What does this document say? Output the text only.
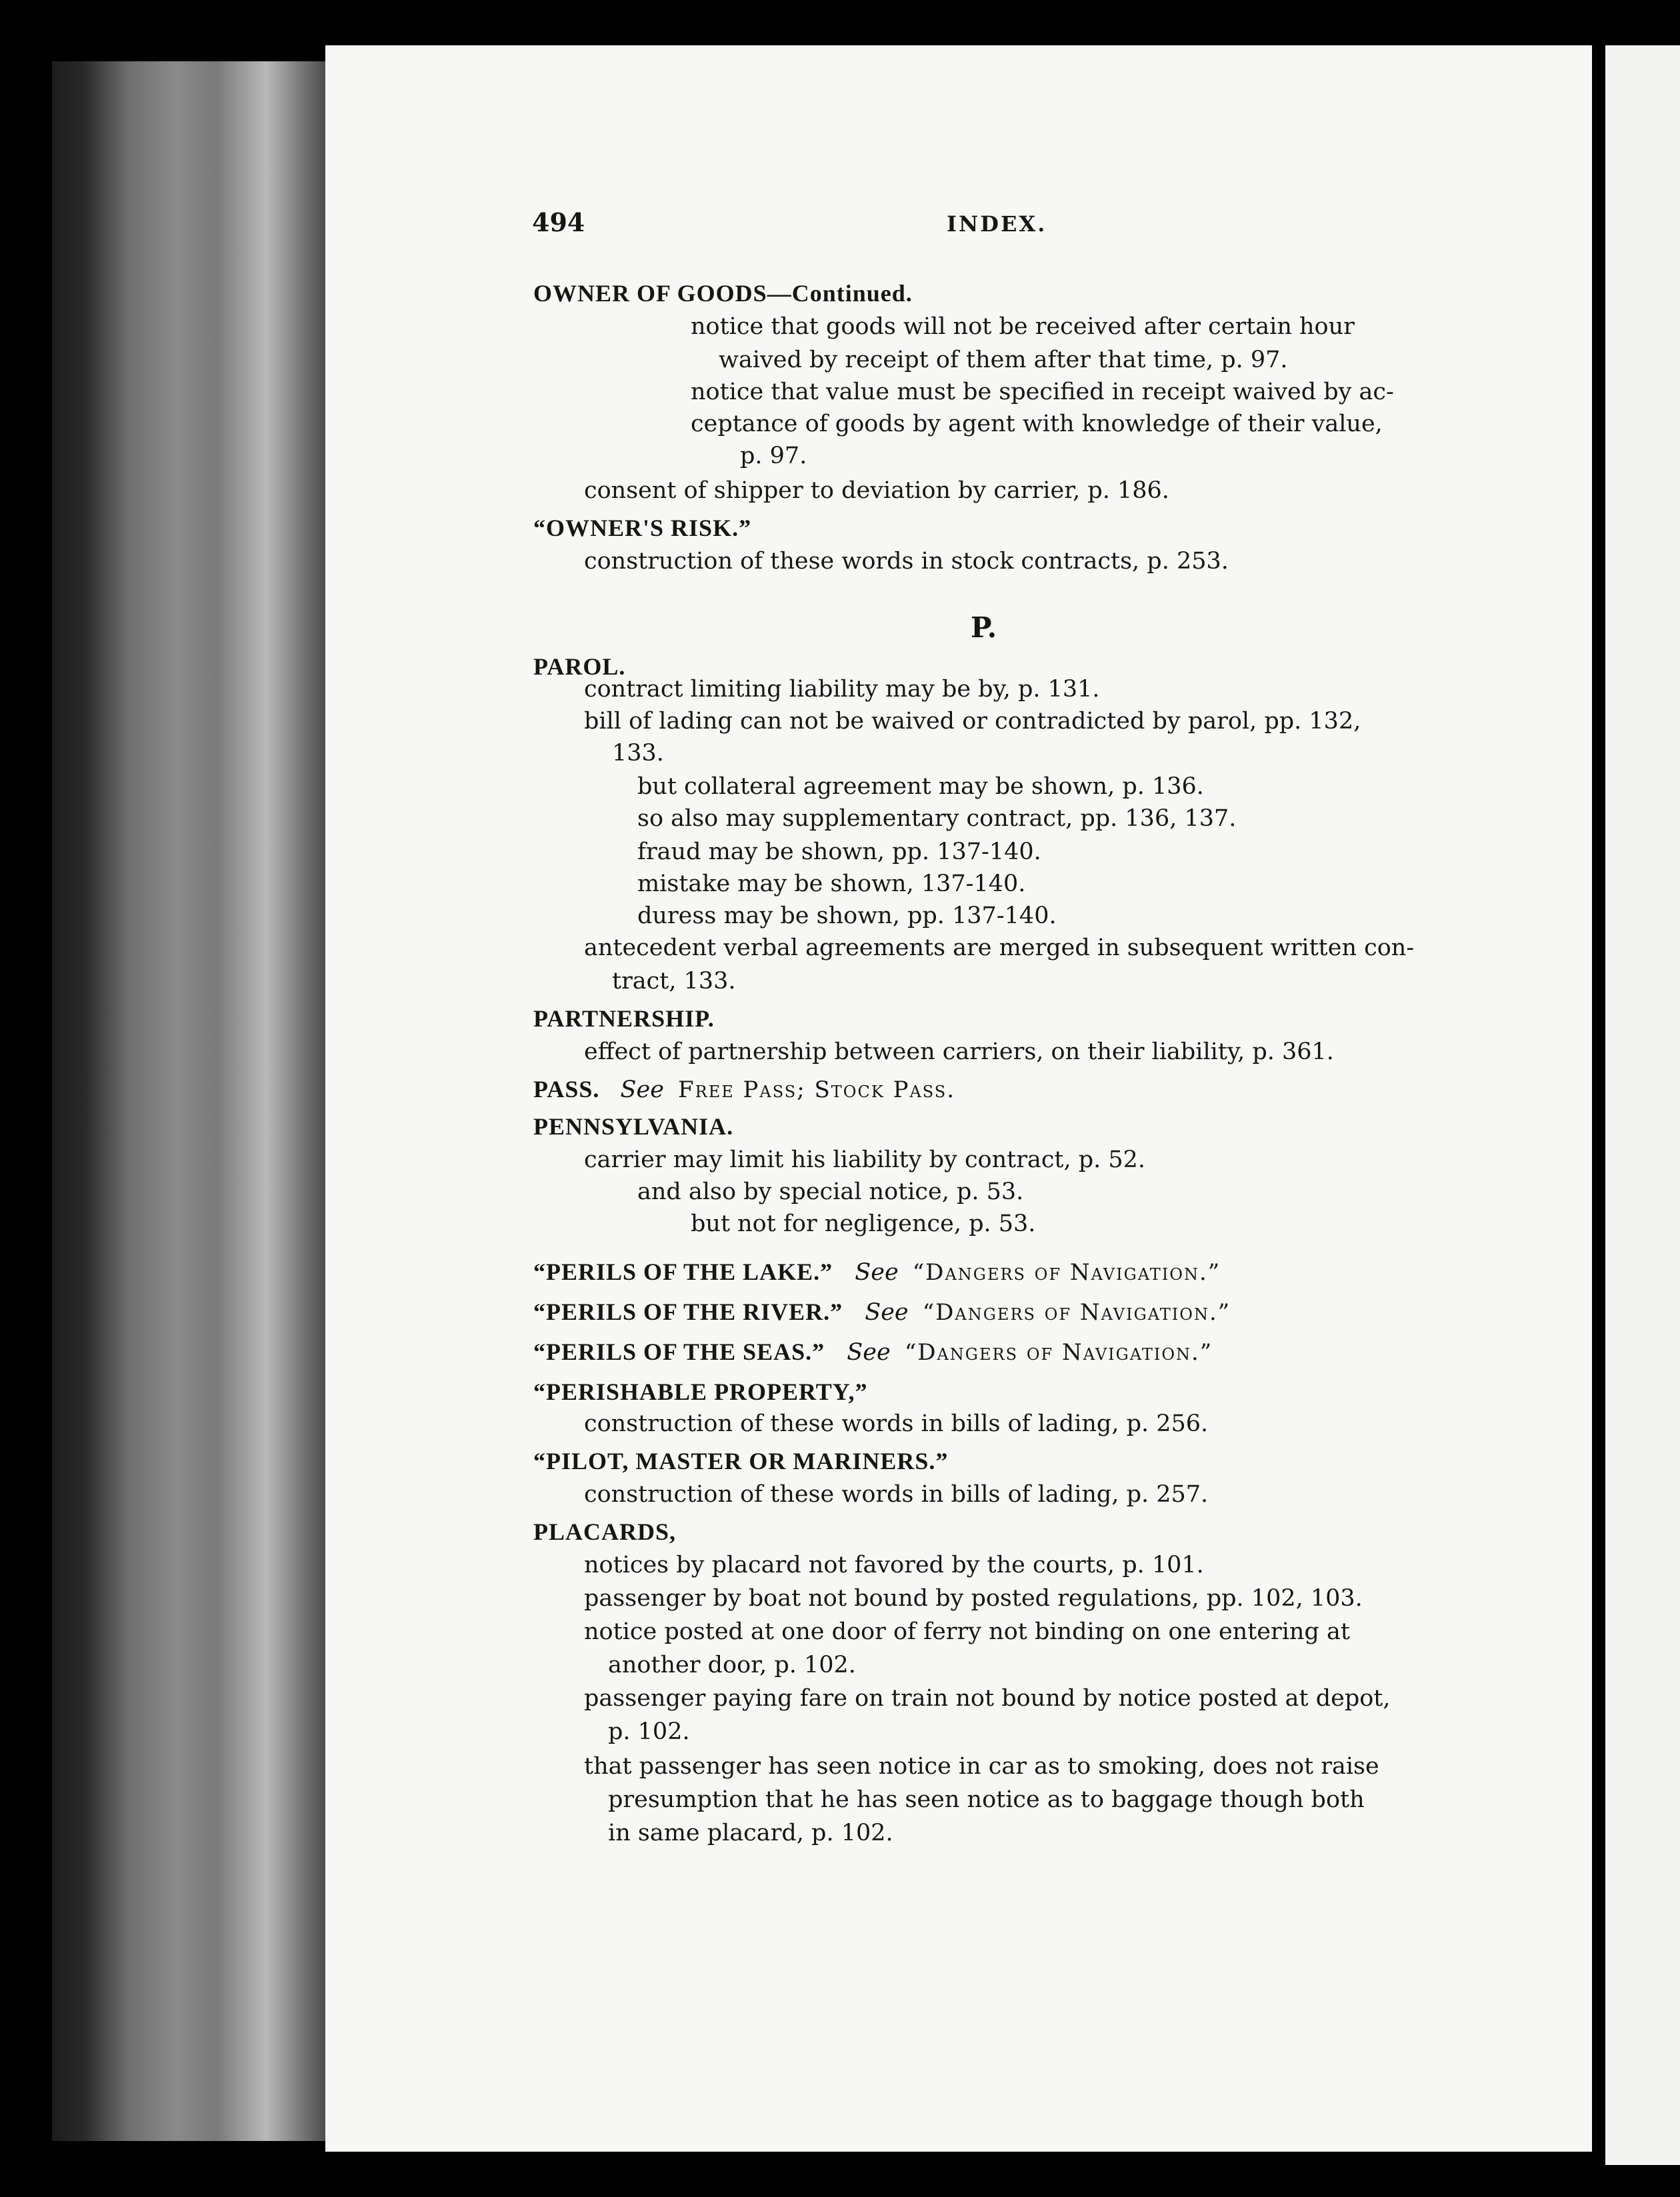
494	INDEX.
OWNER OF GOODS—Continued.
notice that goods will not be received after certain hour
waived by receipt of them after that time, p. 97.
notice that value must be specified in receipt waived by ac-
ceptance of goods by agent with knowledge of their value,
p. 97.
consent of shipper to deviation by carrier, p. 186.
“OWNER'S RISK.”
construction of these words in stock contracts, p. 253.
P.
PAROL.
contract limiting liability may be by, p. 131.
bill of lading can not be waived or contradicted by parol, pp. 132,
133.
but collateral agreement may be shown, p. 136.
so also may supplementary contract, pp. 136, 137.
fraud may be shown, pp. 137-140.
mistake may be shown, 137-140.
duress may be shown, pp. 137-140.
antecedent verbal agreements are merged in subsequent written con-
tract, 133.
PARTNERSHIP.
effect of partnership between carriers, on their liability, p. 361.
PASS. See Free Pass; Stock Pass.
PENNSYLVANIA.
carrier may limit his liability by contract, p. 52.
and also by special notice, p. 53.
but not for negligence, p. 53.
“PERILS OF THE LAKE.” See “Dangers of Navigation.”
“PERILS OF THE RIVER.” See “Dangers of Navigation.”
“PERILS OF THE SEAS.” See “Dangers of Navigation.”
“PERISHABLE PROPERTY,”
construction of these words in bills of lading, p. 256.
“PILOT, MASTER OR MARINERS.”
construction of these words in bills of lading, p. 257.
PLACARDS,
notices by placard not favored by the courts, p. 101.
passenger by boat not bound by posted regulations, pp. 102, 103.
notice posted at one door of ferry not binding on one entering at
another door, p. 102.
passenger paying fare on train not bound by notice posted at depot,
p. 102.
that passenger has seen notice in car as to smoking, does not raise
presumption that he has seen notice as to baggage though both
in same placard, p. 102.
